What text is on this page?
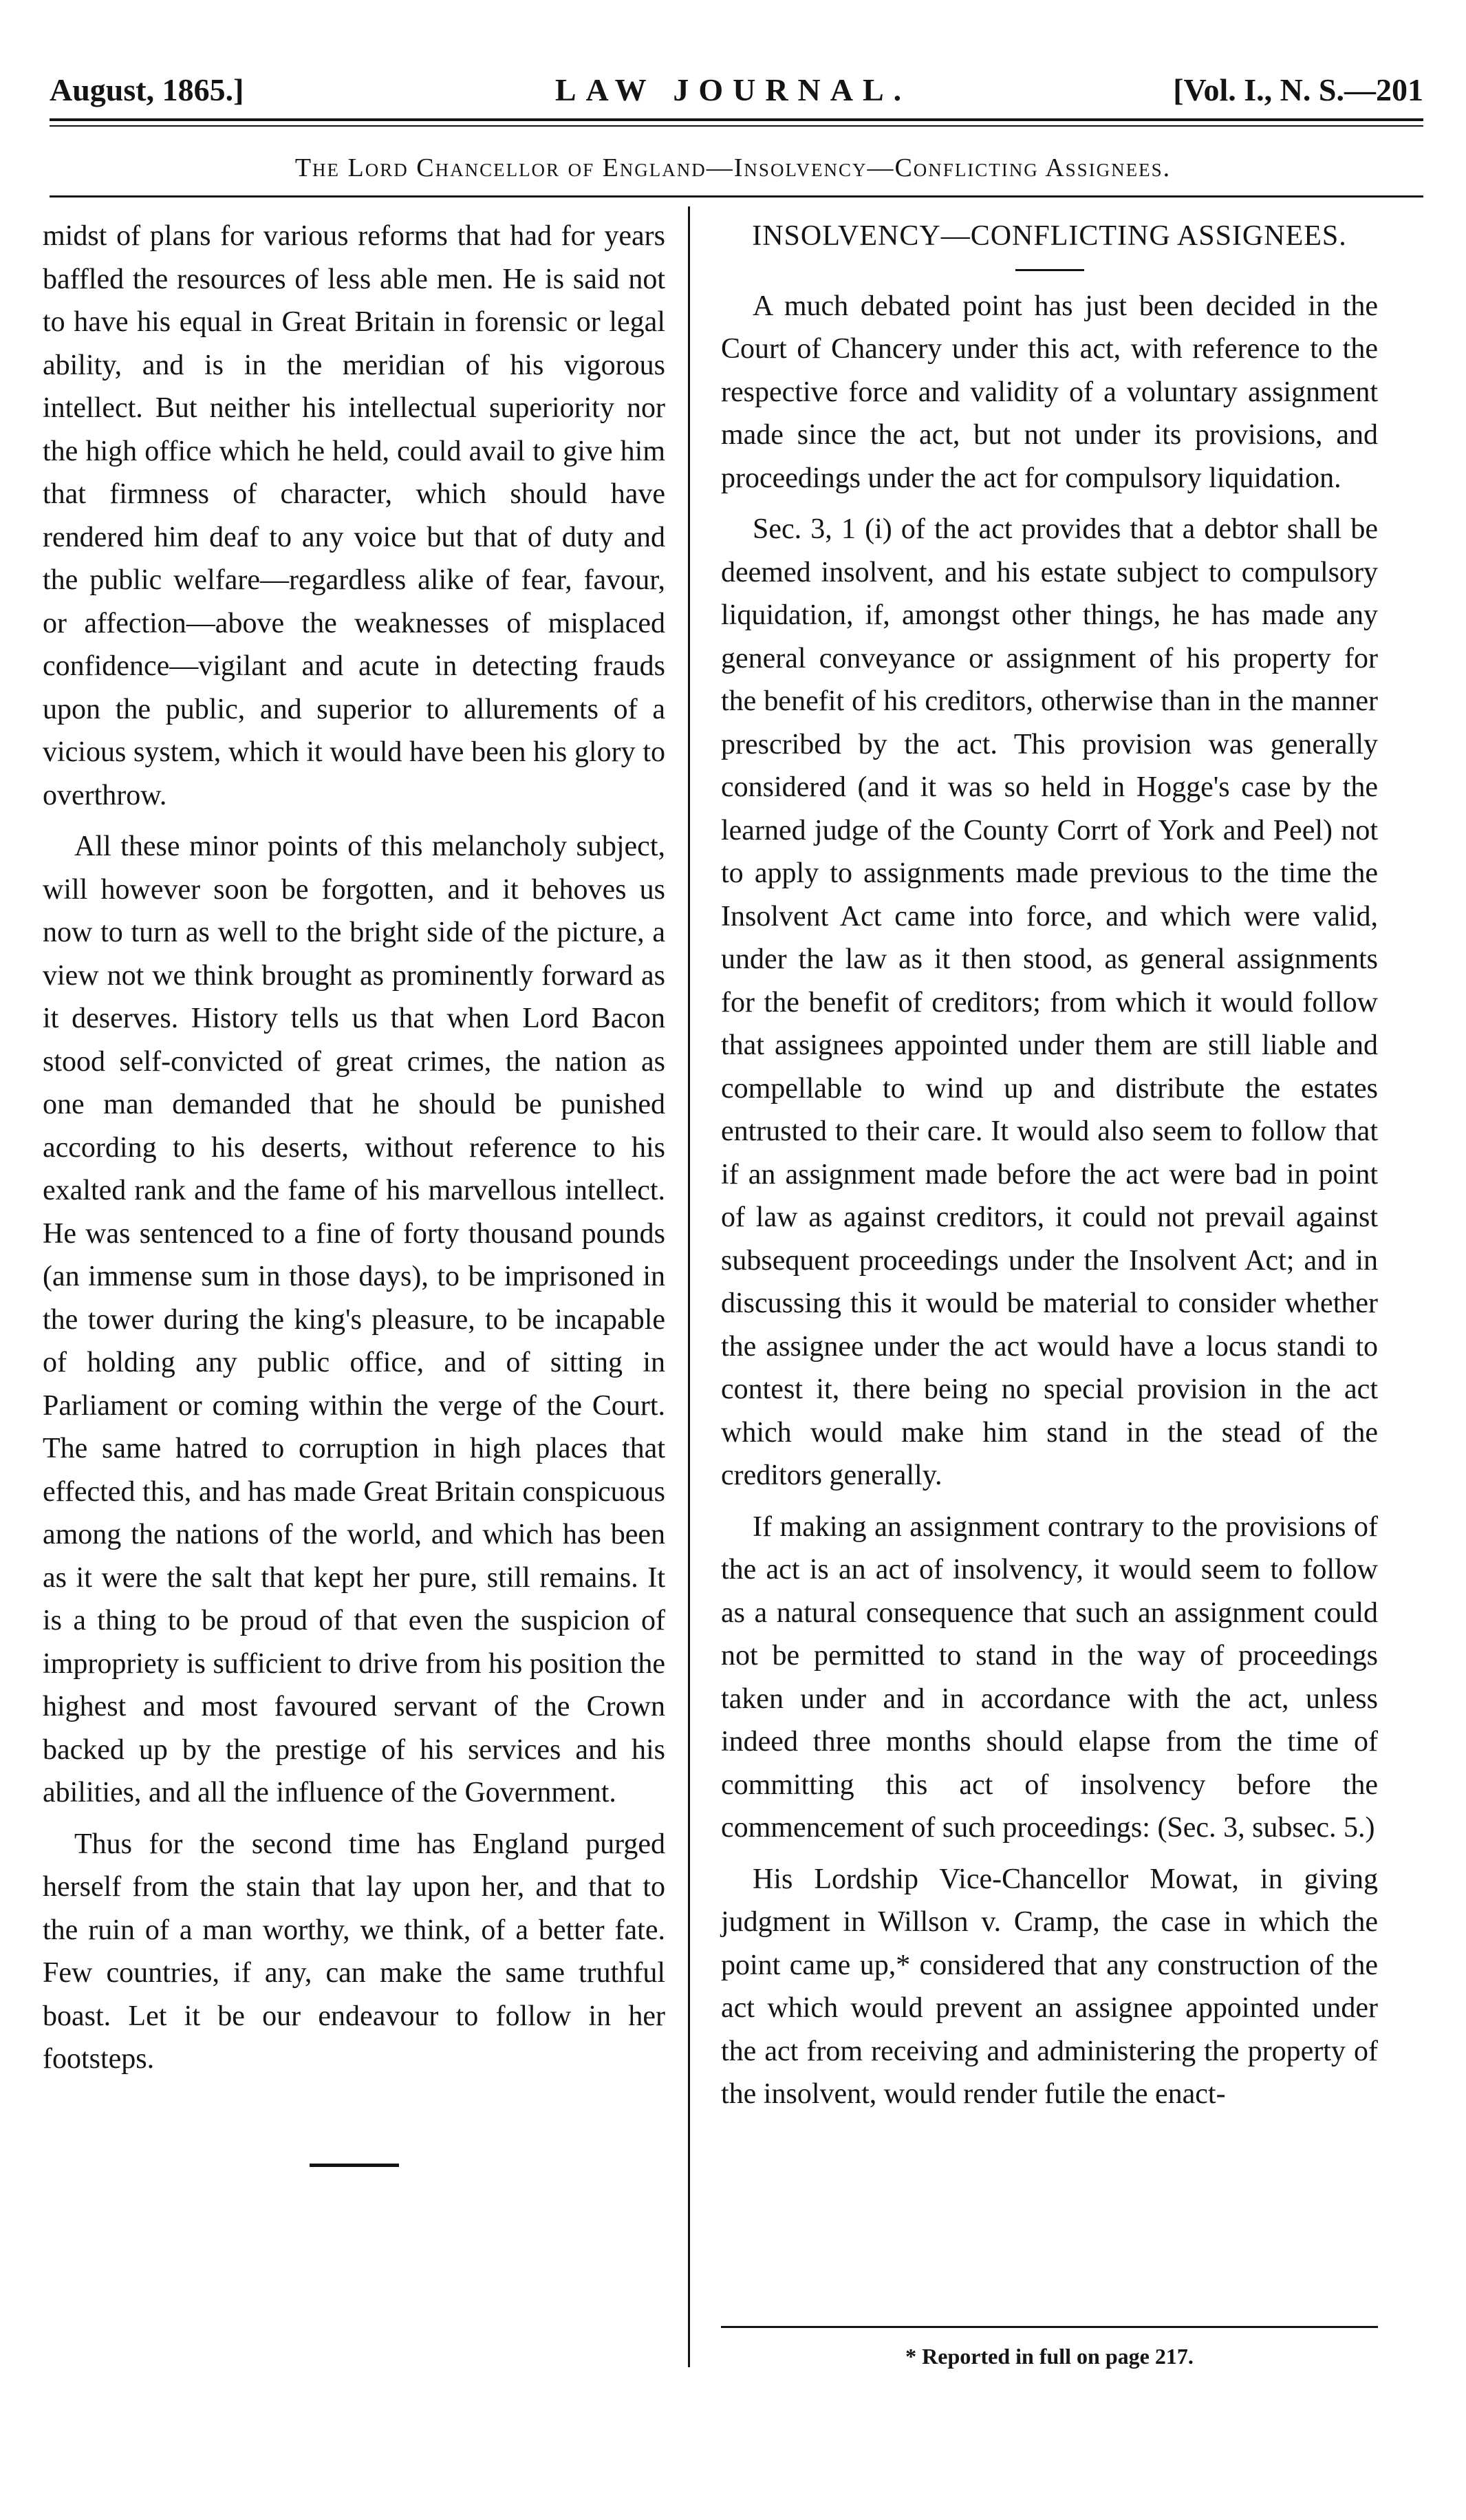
August, 1865.]	LAW JOURNAL.	[Vol. I., N. S.—201
The Lord Chancellor of England—Insolvency—Conflicting Assignees.

midst of plans for various reforms that had for years baffled the resources of less able men. He is said not to have his equal in Great Britain in forensic or legal ability, and is in the meridian of his vigorous intellect. But neither his intellectual superiority nor the high office which he held, could avail to give him that firmness of character, which should have rendered him deaf to any voice but that of duty and the public welfare—regardless alike of fear, favour, or affection—above the weaknesses of misplaced confidence—vigilant and acute in detecting frauds upon the public, and superior to allurements of a vicious system, which it would have been his glory to overthrow.

All these minor points of this melancholy subject, will however soon be forgotten, and it behoves us now to turn as well to the bright side of the picture, a view not we think brought as prominently forward as it deserves. History tells us that when Lord Bacon stood self-convicted of great crimes, the nation as one man demanded that he should be punished according to his deserts, without reference to his exalted rank and the fame of his marvellous intellect. He was sentenced to a fine of forty thousand pounds (an immense sum in those days), to be imprisoned in the tower during the king's pleasure, to be incapable of holding any public office, and of sitting in Parliament or coming within the verge of the Court. The same hatred to corruption in high places that effected this, and has made Great Britain conspicuous among the nations of the world, and which has been as it were the salt that kept her pure, still remains. It is a thing to be proud of that even the suspicion of impropriety is sufficient to drive from his position the highest and most favoured servant of the Crown backed up by the prestige of his services and his abilities, and all the influence of the Government.

Thus for the second time has England purged herself from the stain that lay upon her, and that to the ruin of a man worthy, we think, of a better fate. Few countries, if any, can make the same truthful boast. Let it be our endeavour to follow in her footsteps.

INSOLVENCY—CONFLICTING ASSIGNEES.

A much debated point has just been decided in the Court of Chancery under this act, with reference to the respective force and validity of a voluntary assignment made since the act, but not under its provisions, and proceedings under the act for compulsory liquidation.

Sec. 3, 1 (i) of the act provides that a debtor shall be deemed insolvent, and his estate subject to compulsory liquidation, if, amongst other things, he has made any general conveyance or assignment of his property for the benefit of his creditors, otherwise than in the manner prescribed by the act. This provision was generally considered (and it was so held in Hogge's case by the learned judge of the County Corrt of York and Peel) not to apply to assignments made previous to the time the Insolvent Act came into force, and which were valid, under the law as it then stood, as general assignments for the benefit of creditors; from which it would follow that assignees appointed under them are still liable and compellable to wind up and distribute the estates entrusted to their care. It would also seem to follow that if an assignment made before the act were bad in point of law as against creditors, it could not prevail against subsequent proceedings under the Insolvent Act; and in discussing this it would be material to consider whether the assignee under the act would have a locus standi to contest it, there being no special provision in the act which would make him stand in the stead of the creditors generally.

If making an assignment contrary to the provisions of the act is an act of insolvency, it would seem to follow as a natural consequence that such an assignment could not be permitted to stand in the way of proceedings taken under and in accordance with the act, unless indeed three months should elapse from the time of committing this act of insolvency before the commencement of such proceedings: (Sec. 3, subsec. 5.)

His Lordship Vice-Chancellor Mowat, in giving judgment in Willson v. Cramp, the case in which the point came up,* considered that any construction of the act which would prevent an assignee appointed under the act from receiving and administering the property of the insolvent, would render futile the enact-

* Reported in full on page 217.
